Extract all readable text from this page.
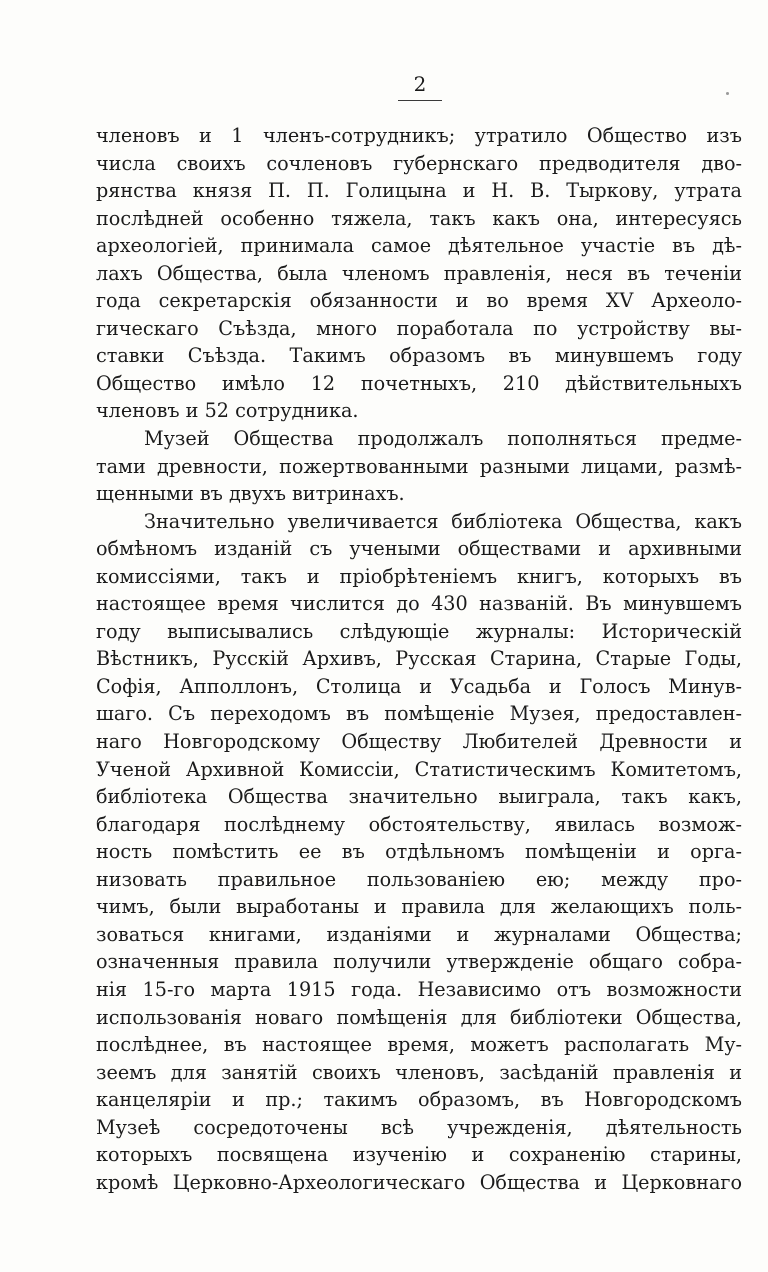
2
членовъ и 1 членъ-сотрудникъ; утратило Общество изъ
числа своихъ сочленовъ губернскаго предводителя дво-
рянства князя П. П. Голицына и Н. В. Тыркову, утрата
послѣдней особенно тяжела, такъ какъ она, интересуясь
археологіей, принимала самое дѣятельное участіе въ дѣ-
лахъ Общества, была членомъ правленія, неся въ теченіи
года секретарскія обязанности и во время XV Археоло-
гическаго Съѣзда, много поработала по устройству вы-
ставки Съѣзда. Такимъ образомъ въ минувшемъ году
Общество имѣло 12 почетныхъ, 210 дѣйствительныхъ
членовъ и 52 сотрудника.
Музей Общества продолжалъ пополняться предме-
тами древности, пожертвованными разными лицами, размѣ-
щенными въ двухъ витринахъ.
Значительно увеличивается библіотека Общества, какъ
обмѣномъ изданій съ учеными обществами и архивными
комиссіями, такъ и пріобрѣтеніемъ книгъ, которыхъ въ
настоящее время числится до 430 названій. Въ минувшемъ
году выписывались слѣдующіе журналы: Историческій
Вѣстникъ, Русскій Архивъ, Русская Старина, Старые Годы,
Софія, Апполлонъ, Столица и Усадьба и Голосъ Минув-
шаго. Съ переходомъ въ помѣщеніе Музея, предоставлен-
наго Новгородскому Обществу Любителей Древности и
Ученой Архивной Комиссіи, Статистическимъ Комитетомъ,
библіотека Общества значительно выиграла, такъ какъ,
благодаря послѣднему обстоятельству, явилась возмож-
ность помѣстить ее въ отдѣльномъ помѣщеніи и орга-
низовать правильное пользованіею ею; между про-
чимъ, были выработаны и правила для желающихъ поль-
зоваться книгами, изданіями и журналами Общества;
означенныя правила получили утвержденіе общаго собра-
нія 15-го марта 1915 года. Независимо отъ возможности
использованія новаго помѣщенія для библіотеки Общества,
послѣднее, въ настоящее время, можетъ располагать Му-
зеемъ для занятій своихъ членовъ, засѣданій правленія и
канцеляріи и пр.; такимъ образомъ, въ Новгородскомъ
Музеѣ сосредоточены всѣ учрежденія, дѣятельность
которыхъ посвящена изученію и сохраненію старины,
кромѣ Церковно-Археологическаго Общества и Церковнаго
